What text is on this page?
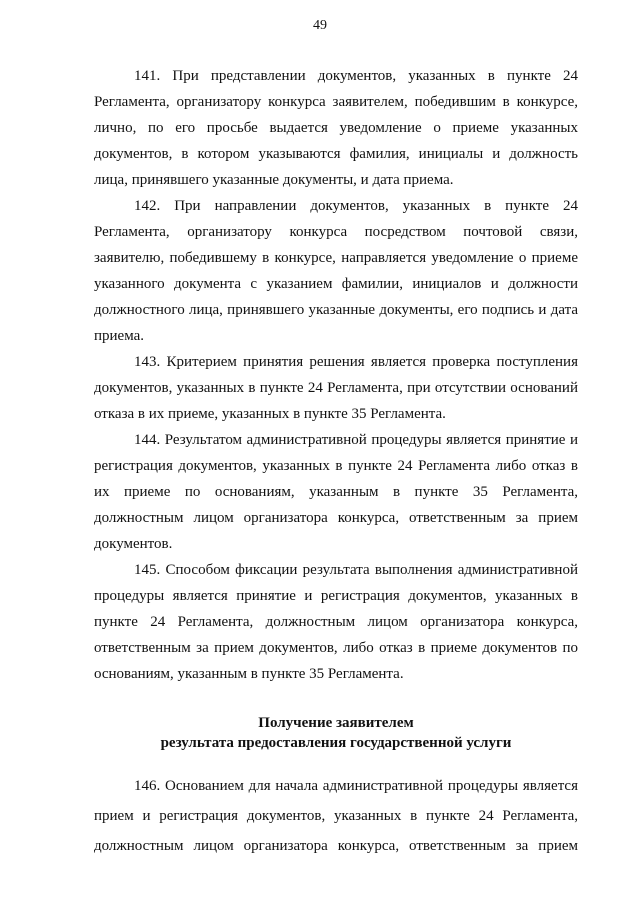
49

141. При представлении документов, указанных в пункте 24 Регламента, организатору конкурса заявителем, победившим в конкурсе, лично, по его просьбе выдается уведомление о приеме указанных документов, в котором указываются фамилия, инициалы и должность лица, принявшего указанные документы, и дата приема.

142. При направлении документов, указанных в пункте 24 Регламента, организатору конкурса посредством почтовой связи, заявителю, победившему в конкурсе, направляется уведомление о приеме указанного документа с указанием фамилии, инициалов и должности должностного лица, принявшего указанные документы, его подпись и дата приема.

143. Критерием принятия решения является проверка поступления документов, указанных в пункте 24 Регламента, при отсутствии оснований отказа в их приеме, указанных в пункте 35 Регламента.

144. Результатом административной процедуры является принятие и регистрация документов, указанных в пункте 24 Регламента либо отказ в их приеме по основаниям, указанным в пункте 35 Регламента, должностным лицом организатора конкурса, ответственным за прием документов.

145. Способом фиксации результата выполнения административной процедуры является принятие и регистрация документов, указанных в пункте 24 Регламента, должностным лицом организатора конкурса, ответственным за прием документов, либо отказ в приеме документов по основаниям, указанным в пункте 35 Регламента.

Получение заявителем
результата предоставления государственной услуги

146. Основанием для начала административной процедуры является прием и регистрация документов, указанных в пункте 24 Регламента, должностным лицом организатора конкурса, ответственным за прием
